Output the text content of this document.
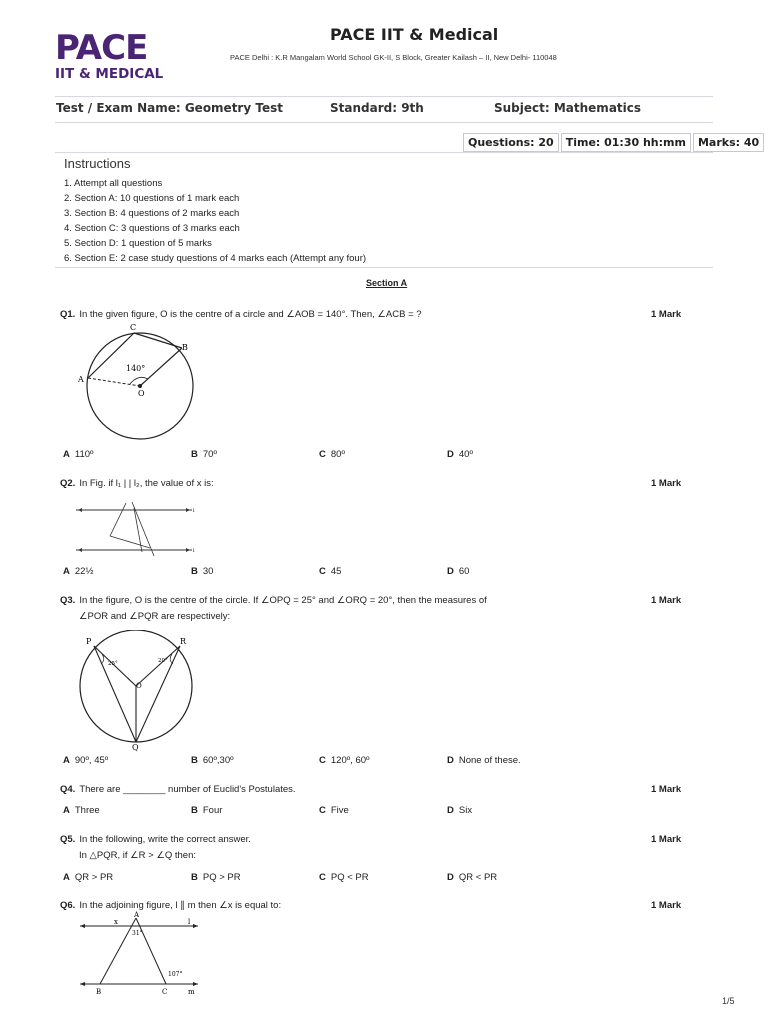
PACE
IIT & MEDICAL
PACE IIT & Medical
PACE Delhi : K.R Mangalam World School GK-II, S Block, Greater Kailash – II, New Delhi- 110048
Test / Exam Name: Geometry Test	Standard: 9th	Subject: Mathematics
Questions: 20	Time: 01:30 hh:mm	Marks: 40
Instructions
1. Attempt all questions
2. Section A: 10 questions of 1 mark each
3. Section B: 4 questions of 2 marks each
4. Section C: 3 questions of 3 marks each
5. Section D: 1 question of 5 marks
6. Section E: 2 case study questions of 4 marks each (Attempt any four)
Section A
Q1. In the given figure, O is the centre of a circle and ∠AOB = 140°. Then, ∠ACB = ?	1 Mark
C
B
A
O
140°
A 110º	B 70º	C 80º	D 40º
Q2. In Fig. if l₁ | | l₂, the value of x is:	1 Mark
l
l
A 22½	B 30	C 45	D 60
Q3. In the figure, O is the centre of the circle. If ∠OPQ = 25° and ∠ORQ = 20°, then the measures of
∠POR and ∠PQR are respectively:
1 Mark
P	R
O
Q
25°	20°
A 90º, 45º	B 60º,30º	C 120º, 60º	D None of these.
Q4. There are ________ number of Euclid's Postulates.	1 Mark
A Three	B Four	C Five	D Six
Q5. In the following, write the correct answer.
In △PQR, if ∠R > ∠Q then:
1 Mark
A QR > PR	B PQ > PR	C PQ < PR	D QR < PR
Q6. In the adjoining figure, l ∥ m then ∠x is equal to:	1 Mark
A
x	l
31°
107°
B	C	m
1/5
